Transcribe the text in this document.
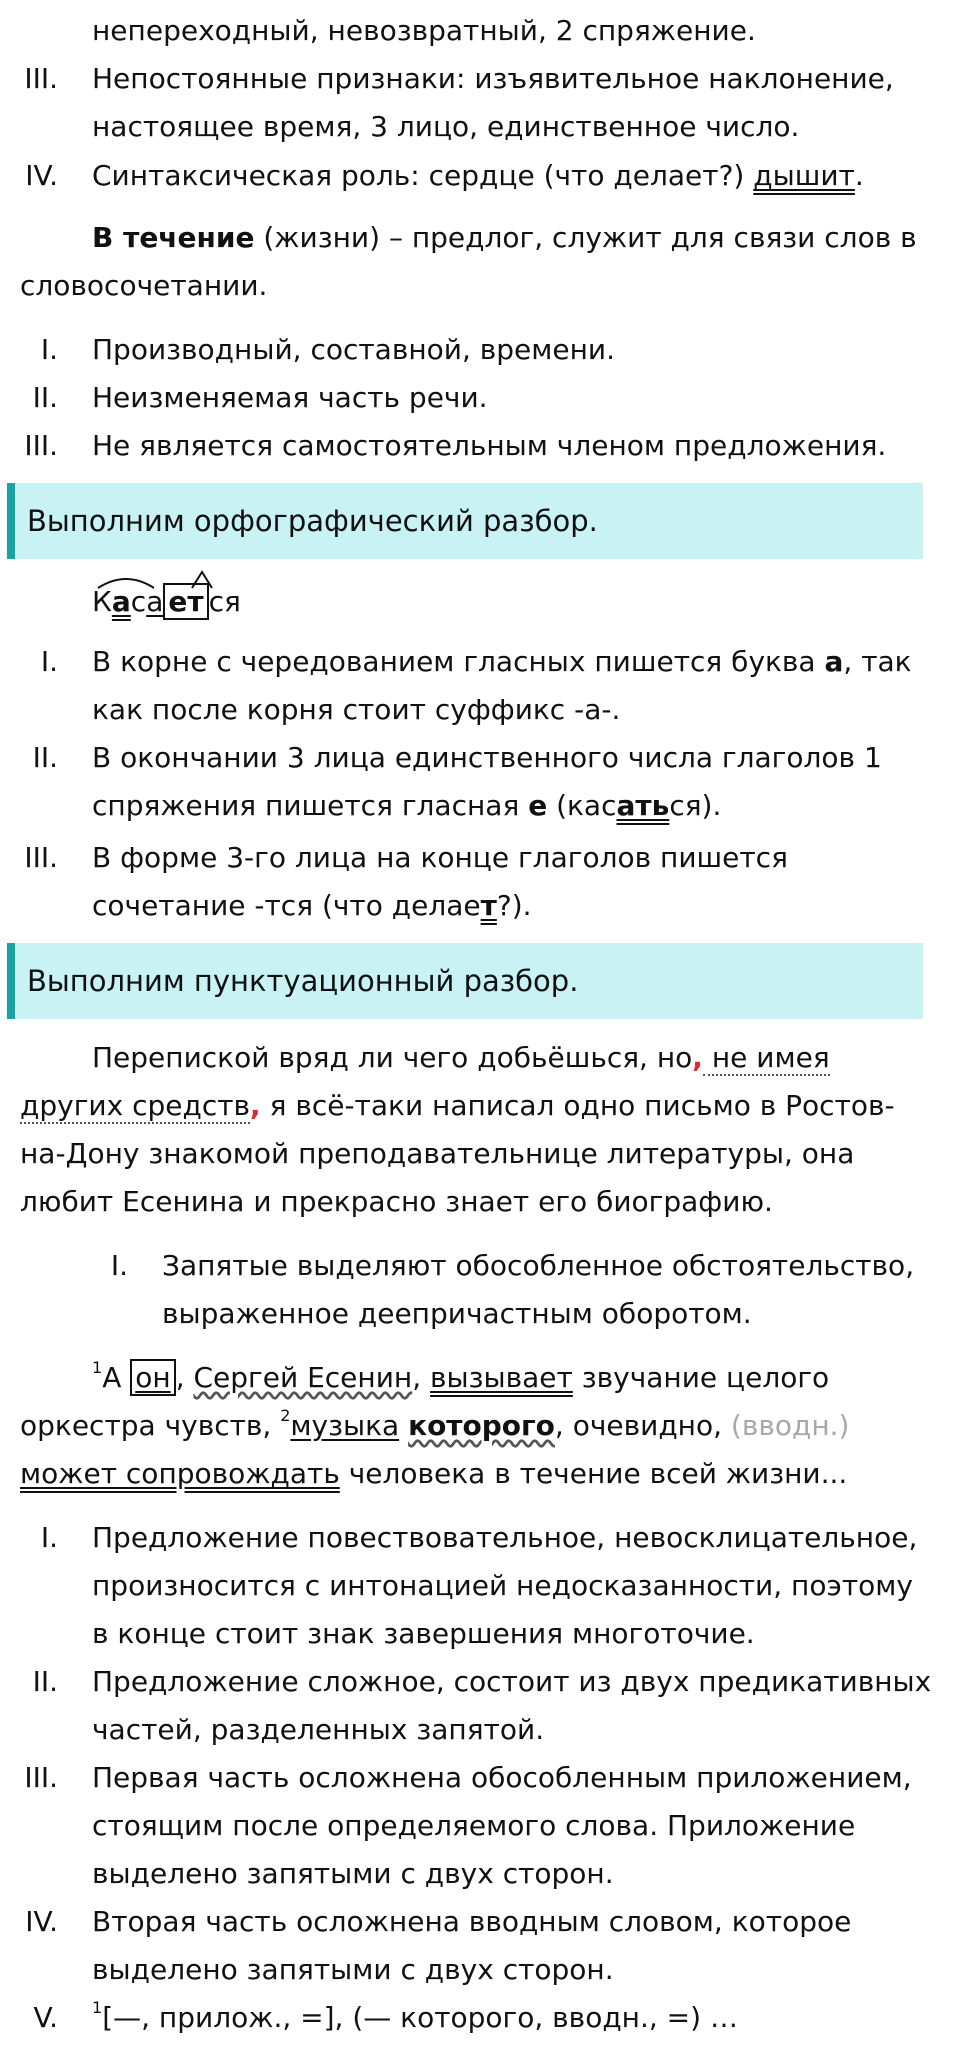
непереходный, невозвратный, 2 спряжение.
III. Непостоянные признаки: изъявительное наклонение,
настоящее время, 3 лицо, единственное число.
IV. Синтаксическая роль: сердце (что делает?) дышит.
В течение (жизни) – предлог, служит для связи слов в
словосочетании.
I. Производный, составной, времени.
II. Неизменяемая часть речи.
III. Не является самостоятельным членом предложения.
Выполним орфографический разбор.
Каса ет ся
I. В корне с чередованием гласных пишется буква а, так
как после корня стоит суффикс -а-.
II. В окончании 3 лица единственного числа глаголов 1
спряжения пишется гласная е (касаться).
III. В форме 3-го лица на конце глаголов пишется
сочетание -тся (что делает?).
Выполним пунктуационный разбор.
Перепиской вряд ли чего добьёшься, но, не имея
других средств, я всё-таки написал одно письмо в Ростов-
на-Дону знакомой преподавательнице литературы, она
любит Есенина и прекрасно знает его биографию.
I. Запятые выделяют обособленное обстоятельство,
выраженное деепричастным оборотом.
$^1$А он , Сергей Есенин, вызывает звучание целого
оркестра чувств, $^2$музыка которого, очевидно, (вводн.)
может сопровождать человека в течение всей жизни...
I. Предложение повествовательное, невосклицательное,
произносится с интонацией недосказанности, поэтому
в конце стоит знак завершения многоточие.
II. Предложение сложное, состоит из двух предикативных
частей, разделенных запятой.
III. Первая часть осложнена обособленным приложением,
стоящим после определяемого слова. Приложение
выделено запятыми с двух сторон.
IV. Вторая часть осложнена вводным словом, которое
выделено запятыми с двух сторон.
V. $^1$[—, прилож., =], (— которого, вводн., =) …
